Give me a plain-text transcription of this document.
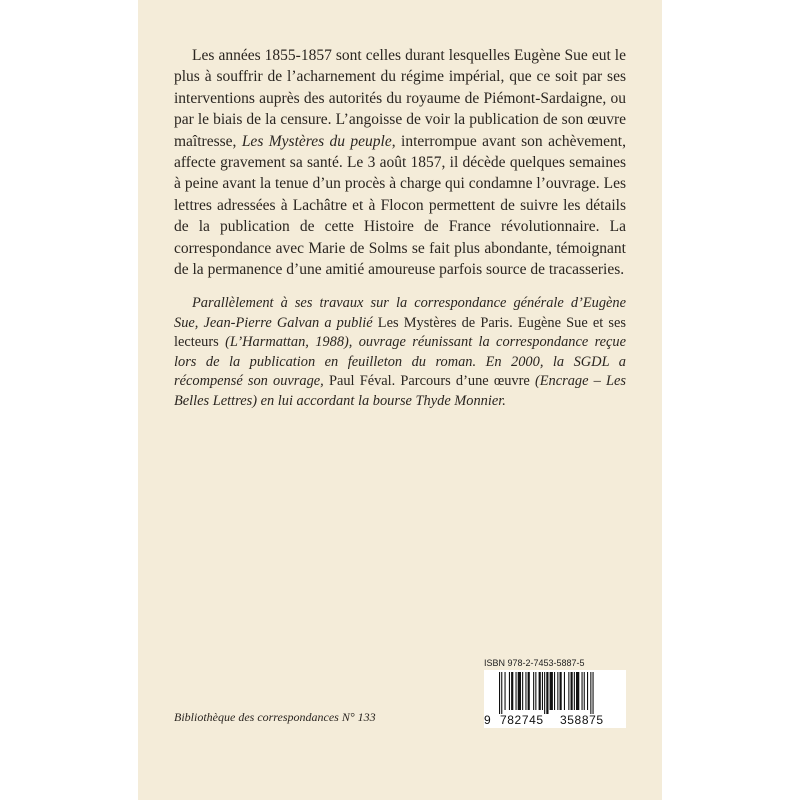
Les années 1855-1857 sont celles durant lesquelles Eugène Sue eut le plus à souffrir de l’acharnement du régime impérial, que ce soit par ses interventions auprès des autorités du royaume de Piémont-Sardaigne, ou par le biais de la censure. L’angoisse de voir la publication de son œuvre maîtresse, Les Mystères du peuple, interrompue avant son achèvement, affecte gravement sa santé. Le 3 août 1857, il décède quelques semaines à peine avant la tenue d’un procès à charge qui condamne l’ouvrage. Les lettres adressées à Lachâtre et à Flocon permettent de suivre les détails de la publication de cette Histoire de France révolutionnaire. La correspondance avec Marie de Solms se fait plus abondante, témoignant de la permanence d’une amitié amoureuse parfois source de tracasseries.

Parallèlement à ses travaux sur la correspondance générale d’Eugène Sue, Jean-Pierre Galvan a publié Les Mystères de Paris. Eugène Sue et ses lecteurs (L’Harmattan, 1988), ouvrage réunissant la correspondance reçue lors de la publication en feuilleton du roman. En 2000, la SGDL a récompensé son ouvrage, Paul Féval. Parcours d’une œuvre (Encrage – Les Belles Lettres) en lui accordant la bourse Thyde Monnier.

Bibliothèque des correspondances N° 133
ISBN 978-2-7453-5887-5
9 782745 358875
